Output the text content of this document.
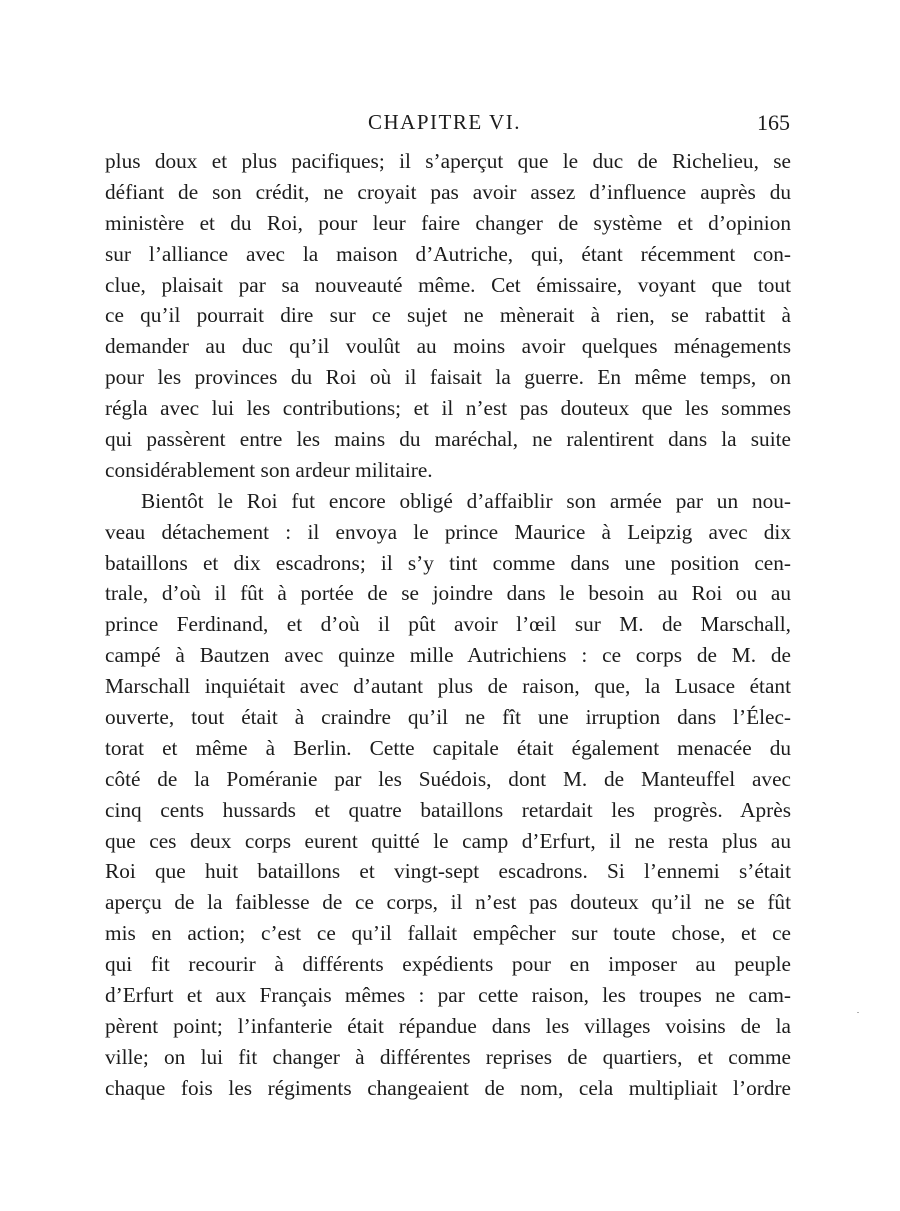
CHAPITRE VI.	165
plus doux et plus pacifiques; il s’aperçut que le duc de Richelieu, se
défiant de son crédit, ne croyait pas avoir assez d’influence auprès du
ministère et du Roi, pour leur faire changer de système et d’opinion
sur l’alliance avec la maison d’Autriche, qui, étant récemment con-
clue, plaisait par sa nouveauté même. Cet émissaire, voyant que tout
ce qu’il pourrait dire sur ce sujet ne mènerait à rien, se rabattit à
demander au duc qu’il voulût au moins avoir quelques ménagements
pour les provinces du Roi où il faisait la guerre. En même temps, on
régla avec lui les contributions; et il n’est pas douteux que les sommes
qui passèrent entre les mains du maréchal, ne ralentirent dans la suite
considérablement son ardeur militaire.
Bientôt le Roi fut encore obligé d’affaiblir son armée par un nou-
veau détachement : il envoya le prince Maurice à Leipzig avec dix
bataillons et dix escadrons; il s’y tint comme dans une position cen-
trale, d’où il fût à portée de se joindre dans le besoin au Roi ou au
prince Ferdinand, et d’où il pût avoir l’œil sur M. de Marschall,
campé à Bautzen avec quinze mille Autrichiens : ce corps de M. de
Marschall inquiétait avec d’autant plus de raison, que, la Lusace étant
ouverte, tout était à craindre qu’il ne fît une irruption dans l’Élec-
torat et même à Berlin. Cette capitale était également menacée du
côté de la Poméranie par les Suédois, dont M. de Manteuffel avec
cinq cents hussards et quatre bataillons retardait les progrès. Après
que ces deux corps eurent quitté le camp d’Erfurt, il ne resta plus au
Roi que huit bataillons et vingt-sept escadrons. Si l’ennemi s’était
aperçu de la faiblesse de ce corps, il n’est pas douteux qu’il ne se fût
mis en action; c’est ce qu’il fallait empêcher sur toute chose, et ce
qui fit recourir à différents expédients pour en imposer au peuple
d’Erfurt et aux Français mêmes : par cette raison, les troupes ne cam-
pèrent point; l’infanterie était répandue dans les villages voisins de la
ville; on lui fit changer à différentes reprises de quartiers, et comme
chaque fois les régiments changeaient de nom, cela multipliait l’ordre
